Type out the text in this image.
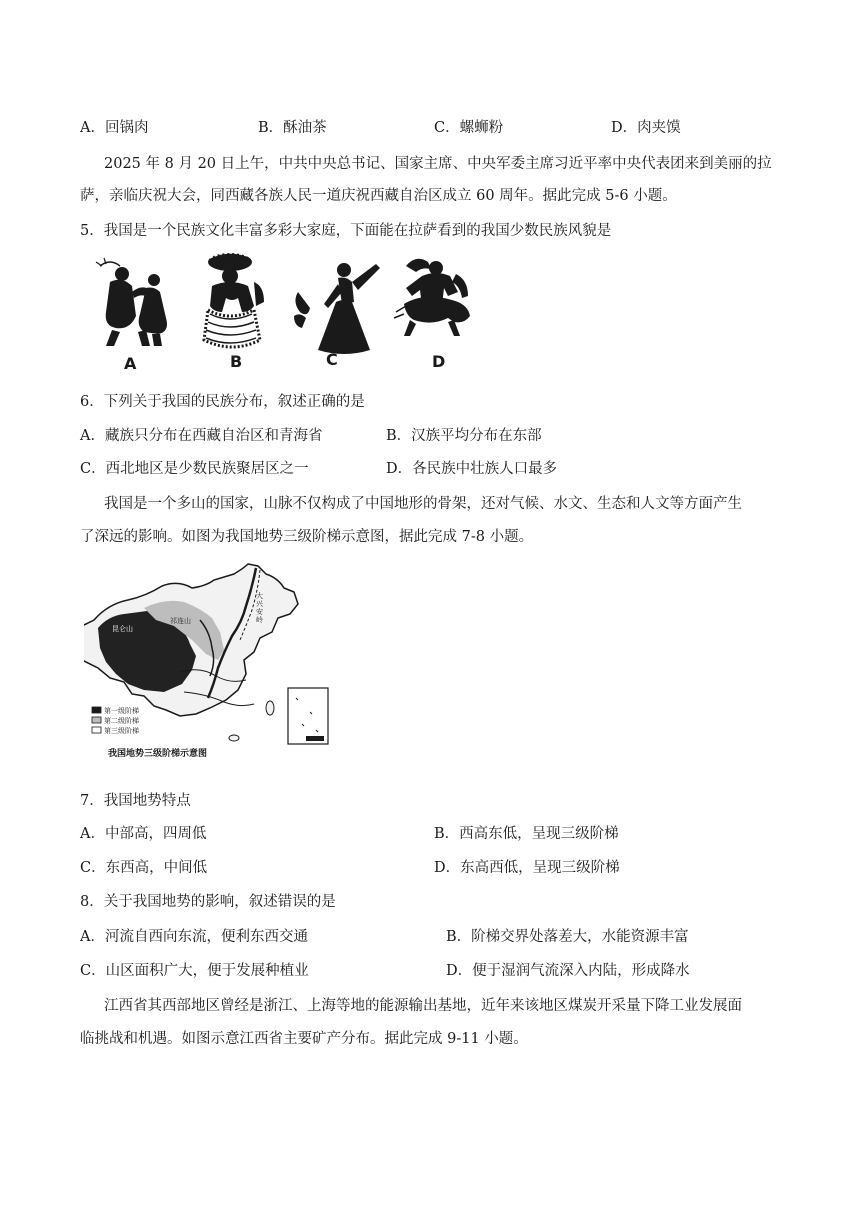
A．回锅肉	B．酥油茶	C．螺蛳粉	D．肉夹馍
2025 年 8 月 20 日上午，中共中央总书记、国家主席、中央军委主席习近平率中央代表团来到美丽的拉
萨，亲临庆祝大会，同西藏各族人民一道庆祝西藏自治区成立 60 周年。据此完成 5-6 小题。
5．我国是一个民族文化丰富多彩大家庭，下面能在拉萨看到的我国少数民族风貌是
A	B	C	D
6．下列关于我国的民族分布，叙述正确的是
A．藏族只分布在西藏自治区和青海省	B．汉族平均分布在东部
C．西北地区是少数民族聚居区之一	D．各民族中壮族人口最多
我国是一个多山的国家，山脉不仅构成了中国地形的骨架，还对气候、水文、生态和人文等方面产生
了深远的影响。如图为我国地势三级阶梯示意图，据此完成 7-8 小题。
昆仑山
祁连山
大兴安岭
第一级阶梯
第二级阶梯
第三级阶梯
我国地势三级阶梯示意图
7．我国地势特点
A．中部高，四周低	B．西高东低，呈现三级阶梯
C．东西高，中间低	D．东高西低，呈现三级阶梯
8．关于我国地势的影响，叙述错误的是
A．河流自西向东流，便利东西交通	B．阶梯交界处落差大，水能资源丰富
C．山区面积广大，便于发展种植业	D．便于湿润气流深入内陆，形成降水
江西省其西部地区曾经是浙江、上海等地的能源输出基地，近年来该地区煤炭开采量下降工业发展面
临挑战和机遇。如图示意江西省主要矿产分布。据此完成 9-11 小题。
